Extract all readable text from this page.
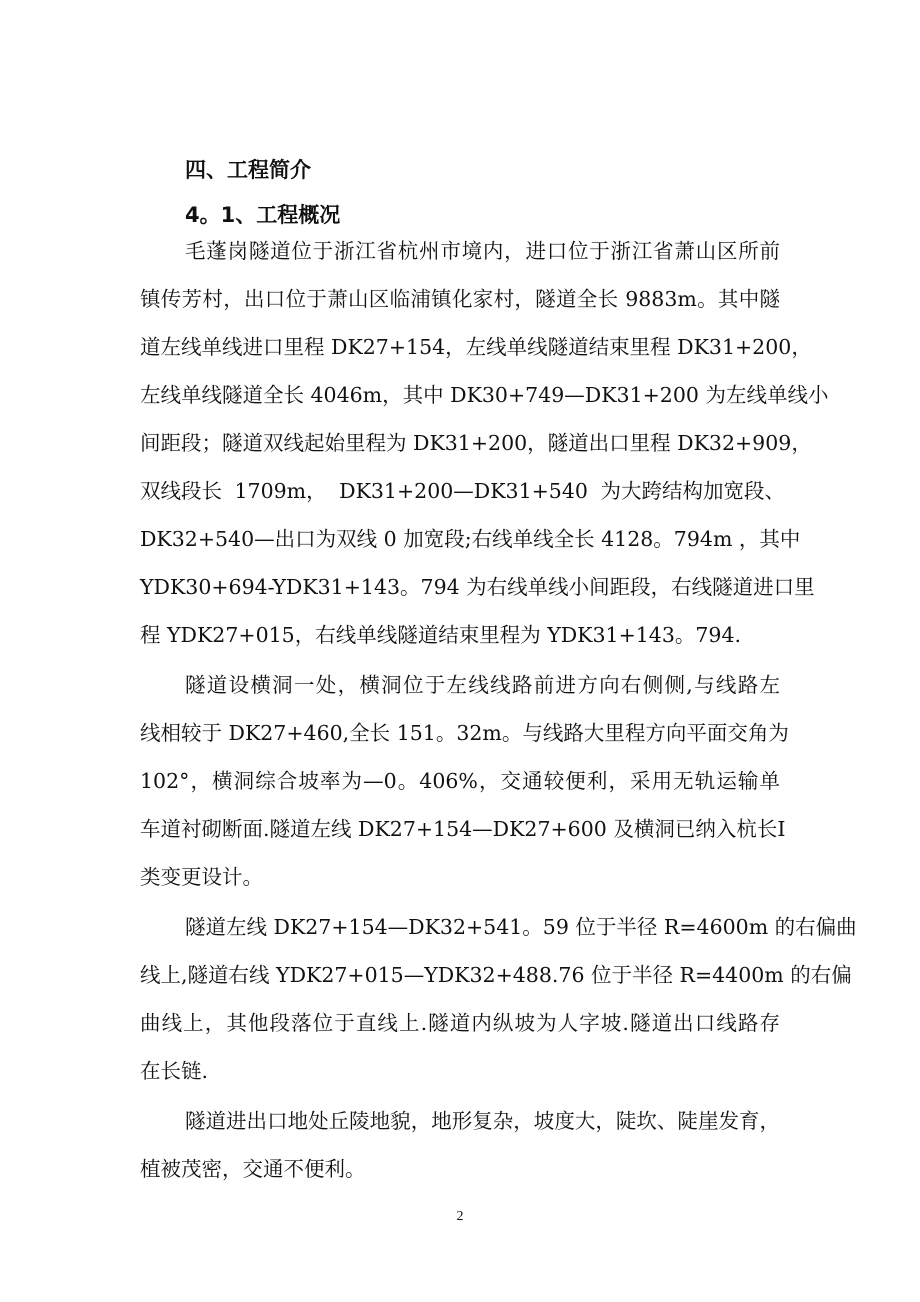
四、工程简介
4。1、工程概况
毛蓬岗隧道位于浙江省杭州市境内，进口位于浙江省萧山区所前
镇传芳村，出口位于萧山区临浦镇化家村，隧道全长 9883m。其中隧
道左线单线进口里程 DK27+154，左线单线隧道结束里程 DK31+200，
左线单线隧道全长 4046m，其中 DK30+749—DK31+200 为左线单线小
间距段；隧道双线起始里程为 DK31+200，隧道出口里程 DK32+909，
双线段长 1709m， DK31+200—DK31+540 为大跨结构加宽段、
DK32+540—出口为双线 0 加宽段;右线单线全长 4128。794m ，其中
YDK30+694-YDK31+143。794 为右线单线小间距段，右线隧道进口里
程 YDK27+015，右线单线隧道结束里程为 YDK31+143。794.
隧道设横洞一处，横洞位于左线线路前进方向右侧侧,与线路左
线相较于 DK27+460,全长 151。32m。与线路大里程方向平面交角为
102°，横洞综合坡率为—0。406%，交通较便利，采用无轨运输单
车道衬砌断面.隧道左线 DK27+154—DK27+600 及横洞已纳入杭长Ⅰ
类变更设计。
隧道左线 DK27+154—DK32+541。59 位于半径 R=4600m 的右偏曲
线上,隧道右线 YDK27+015—YDK32+488.76 位于半径 R=4400m 的右偏
曲线上，其他段落位于直线上.隧道内纵坡为人字坡.隧道出口线路存
在长链.
隧道进出口地处丘陵地貌，地形复杂，坡度大，陡坎、陡崖发育，
植被茂密，交通不便利。
2
